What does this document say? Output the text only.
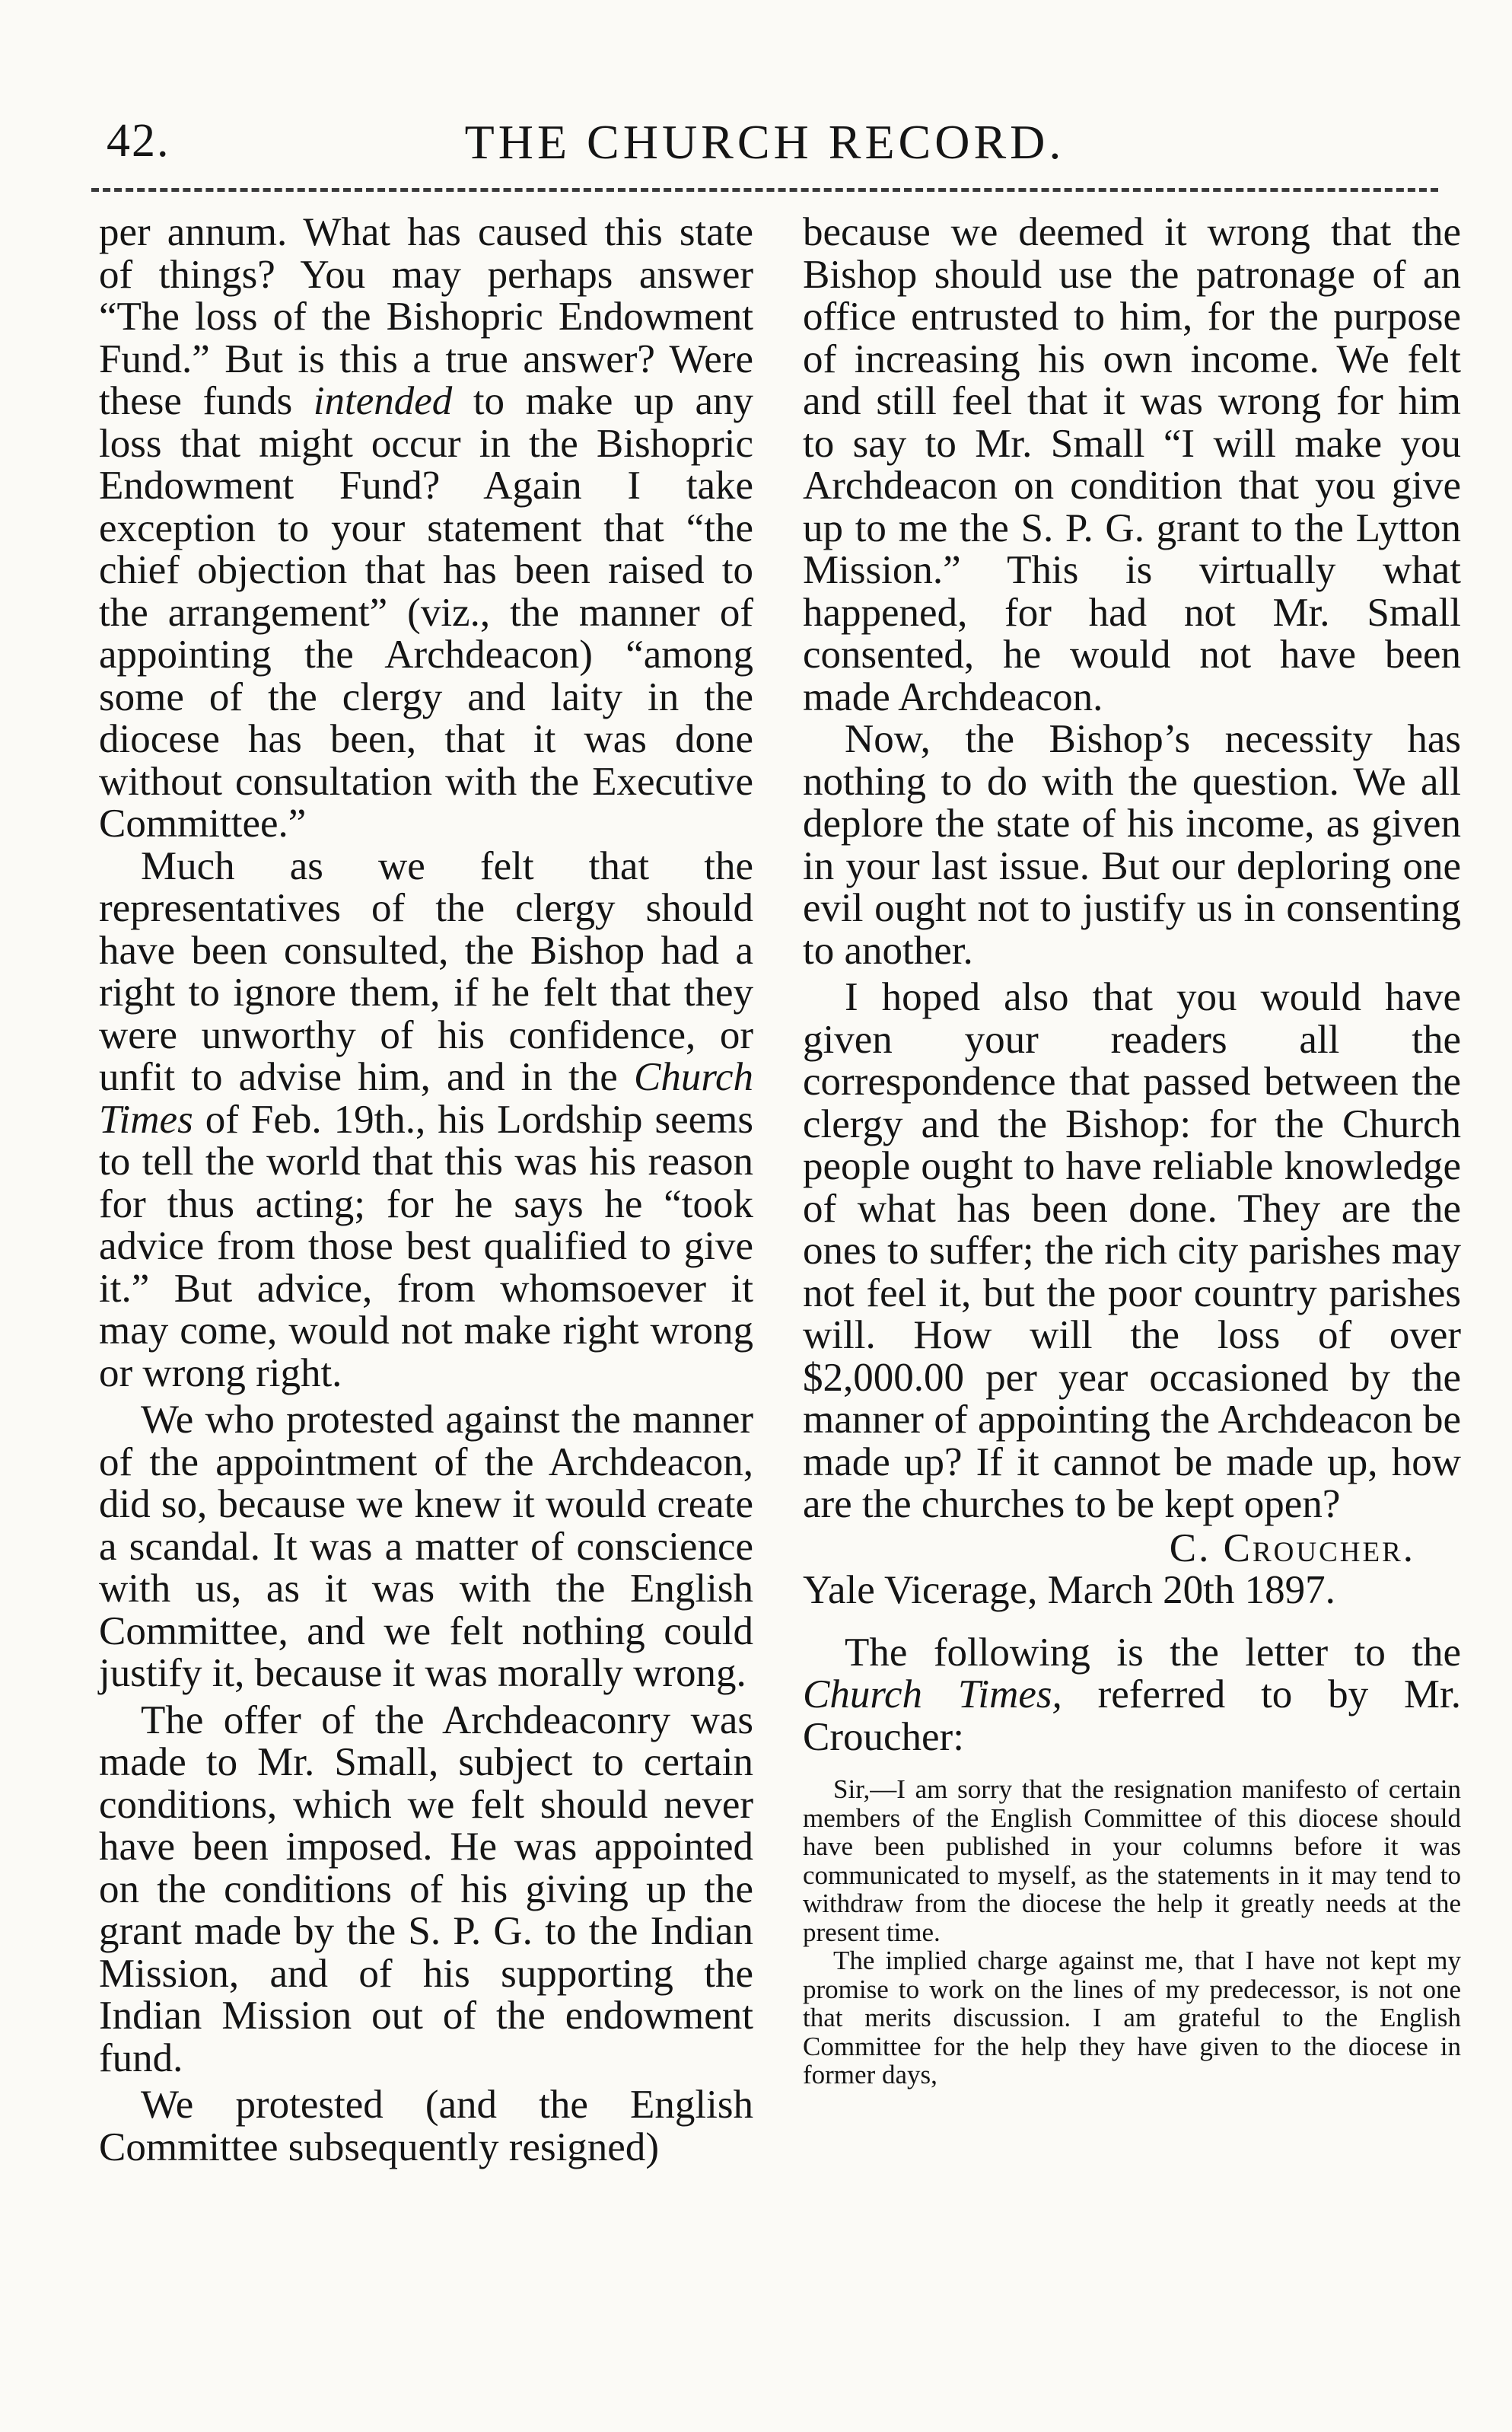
42.	THE CHURCH RECORD.

per annum. What has caused this state of things? You may perhaps answer “The loss of the Bishopric Endowment Fund.” But is this a true answer? Were these funds intended to make up any loss that might occur in the Bishopric Endowment Fund? Again I take exception to your statement that “the chief objection that has been raised to the arrangement” (viz., the manner of appointing the Archdeacon) “among some of the clergy and laity in the diocese has been, that it was done without consultation with the Executive Committee.”

Much as we felt that the representatives of the clergy should have been consulted, the Bishop had a right to ignore them, if he felt that they were unworthy of his confidence, or unfit to advise him, and in the Church Times of Feb. 19th., his Lordship seems to tell the world that this was his reason for thus acting; for he says he “took advice from those best qualified to give it.” But advice, from whomsoever it may come, would not make right wrong or wrong right.

We who protested against the manner of the appointment of the Archdeacon, did so, because we knew it would create a scandal. It was a matter of conscience with us, as it was with the English Committee, and we felt nothing could justify it, because it was morally wrong.

The offer of the Archdeaconry was made to Mr. Small, subject to certain conditions, which we felt should never have been imposed. He was appointed on the conditions of his giving up the grant made by the S. P. G. to the Indian Mission, and of his supporting the Indian Mission out of the endowment fund.

We protested (and the English Committee subsequently resigned)

because we deemed it wrong that the Bishop should use the patronage of an office entrusted to him, for the purpose of increasing his own income. We felt and still feel that it was wrong for him to say to Mr. Small “I will make you Archdeacon on condition that you give up to me the S. P. G. grant to the Lytton Mission.” This is virtually what happened, for had not Mr. Small consented, he would not have been made Archdeacon.

Now, the Bishop’s necessity has nothing to do with the question. We all deplore the state of his income, as given in your last issue. But our deploring one evil ought not to justify us in consenting to another.

I hoped also that you would have given your readers all the correspondence that passed between the clergy and the Bishop: for the Church people ought to have reliable knowledge of what has been done. They are the ones to suffer; the rich city parishes may not feel it, but the poor country parishes will. How will the loss of over $2,000.00 per year occasioned by the manner of appointing the Archdeacon be made up? If it cannot be made up, how are the churches to be kept open?

C. Croucher.

Yale Vicerage, March 20th 1897.

The following is the letter to the Church Times, referred to by Mr. Croucher:

Sir,—I am sorry that the resignation manifesto of certain members of the English Committee of this diocese should have been published in your columns before it was communicated to myself, as the statements in it may tend to withdraw from the diocese the help it greatly needs at the present time.

The implied charge against me, that I have not kept my promise to work on the lines of my predecessor, is not one that merits discussion. I am grateful to the English Committee for the help they have given to the diocese in former days,
